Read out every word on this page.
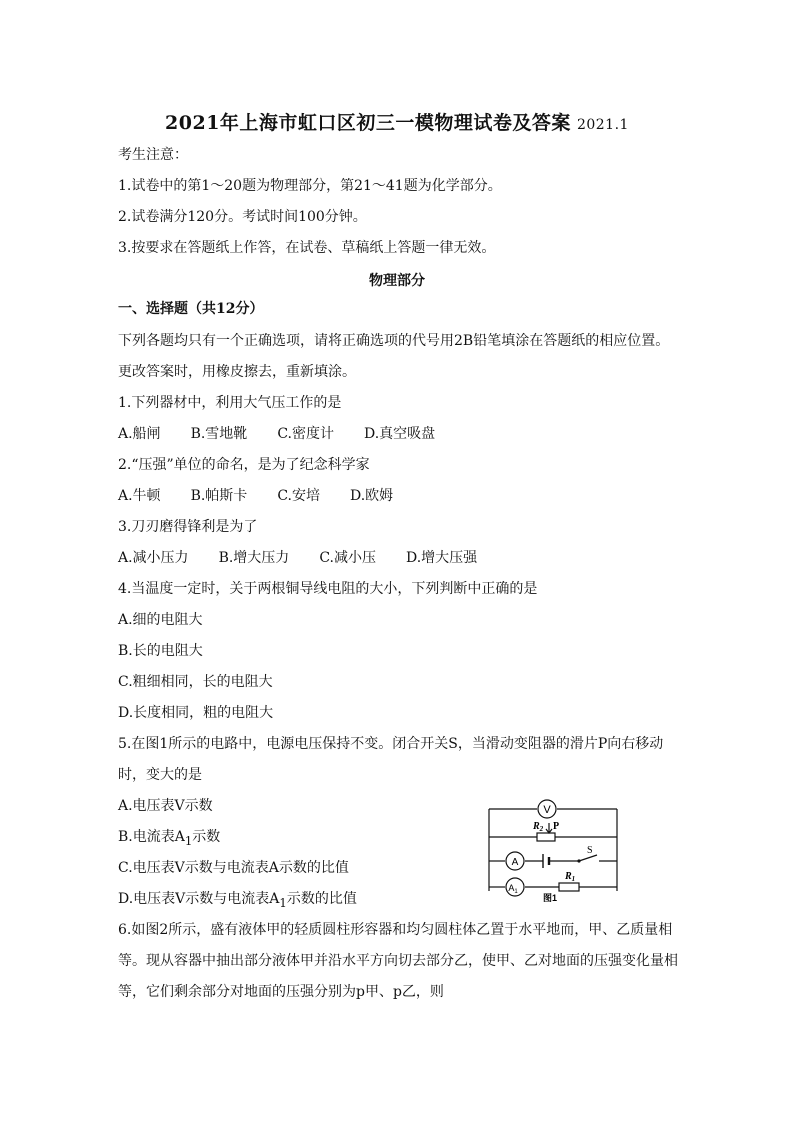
2021年上海市虹口区初三一模物理试卷及答案 2021.1
考生注意：
1.试卷中的第1～20题为物理部分，第21～41题为化学部分。
2.试卷满分120分。考试时间100分钟。
3.按要求在答题纸上作答，在试卷、草稿纸上答题一律无效。
物理部分
一、选择题（共12分）
下列各题均只有一个正确选项，请将正确选项的代号用2B铅笔填涂在答题纸的相应位置。
更改答案时，用橡皮擦去，重新填涂。
1.下列器材中，利用大气压工作的是
A.船闸 B.雪地靴 C.密度计 D.真空吸盘
2.“压强”单位的命名，是为了纪念科学家
A.牛顿 B.帕斯卡 C.安培 D.欧姆
3.刀刃磨得锋利是为了
A.减小压力 B.增大压力 C.减小压 D.增大压强
4.当温度一定时，关于两根铜导线电阻的大小，下列判断中正确的是
A.细的电阻大
B.长的电阻大
C.粗细相同，长的电阻大
D.长度相同，粗的电阻大
5.在图1所示的电路中，电源电压保持不变。闭合开关S，当滑动变阻器的滑片P向右移动
时，变大的是
A.电压表V示数
B.电流表$A_1$示数
C.电压表V示数与电流表A示数的比值
D.电压表V示数与电流表$A_1$示数的比值
V
$R_2$ P
A
S
$A_1$
$R_1$
图1
6.如图2所示，盛有液体甲的轻质圆柱形容器和均匀圆柱体乙置于水平地而，甲、乙质量相
等。现从容器中抽出部分液体甲并沿水平方向切去部分乙，使甲、乙对地面的压强变化量相
等，它们剩余部分对地面的压强分别为p甲、p乙，则
